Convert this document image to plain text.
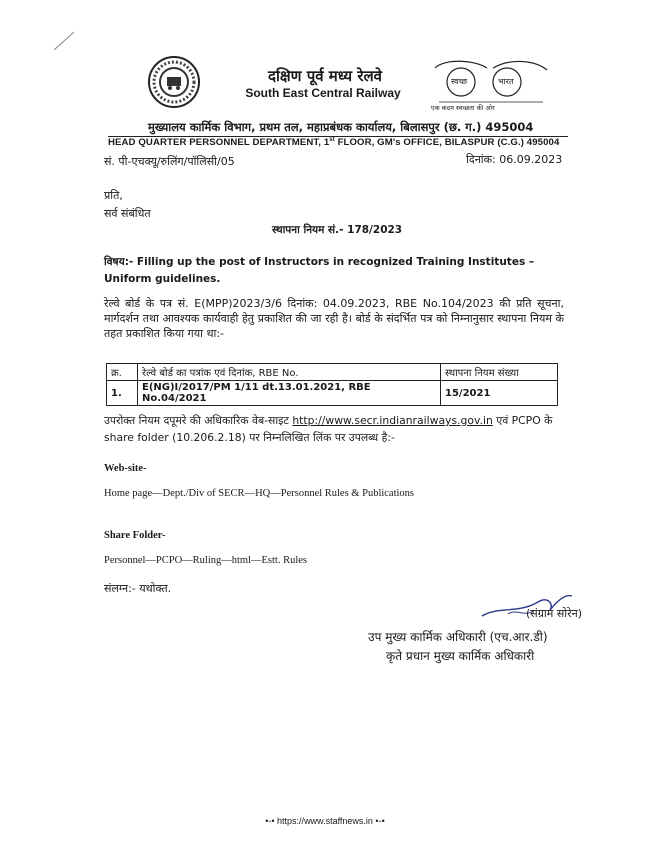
दक्षिण पूर्व मध्य रेलवे
South East Central Railway
स्वच्छ	भारत
एक कदम स्वच्छता की ओर
मुख्यालय कार्मिक विभाग, प्रथम तल, महाप्रबंधक कार्यालय, बिलासपुर (छ. ग.) 495004
HEAD QUARTER PERSONNEL DEPARTMENT, 1st FLOOR, GM's OFFICE, BILASPUR (C.G.) 495004
सं. पी-एचक्यू/रुलिंग/पॉलिसी/05	दिनांक: 06.09.2023
प्रति,
सर्व संबंधित
स्थापना नियम सं.- 178/2023
विषय:- Filling up the post of Instructors in recognized Training Institutes – Uniform guidelines.
रेल्वे बोर्ड के पत्र सं. E(MPP)2023/3/6 दिनांक: 04.09.2023, RBE No.104/2023 की प्रति सूचना, मार्गदर्शन तथा आवश्यक कार्यवाही हेतु प्रकाशित की जा रही है। बोर्ड के संदर्भित पत्र को निम्नानुसार स्थापना नियम के तहत प्रकाशित किया गया था:-
क्र.	रेल्वे बोर्ड का पत्रांक एवं दिनांक, RBE No.	स्थापना नियम संख्या
1.	E(NG)I/2017/PM 1/11 dt.13.01.2021, RBE No.04/2021	15/2021
उपरोक्त नियम दपूमरे की अधिकारिक वेब-साइट http://www.secr.indianrailways.gov.in एवं PCPO के share folder (10.206.2.18) पर निम्नलिखित लिंक पर उपलब्ध है:-
Web-site-
Home page—Dept./Div of SECR—HQ—Personnel Rules & Publications
Share Folder-
Personnel—PCPO—Ruling—html—Estt. Rules
संलग्न:- यथोक्त.
(संग्राम सोरेन)
उप मुख्य कार्मिक अधिकारी (एच.आर.डी)
कृते प्रधान मुख्य कार्मिक अधिकारी
•-• https://www.staffnews.in •-•
